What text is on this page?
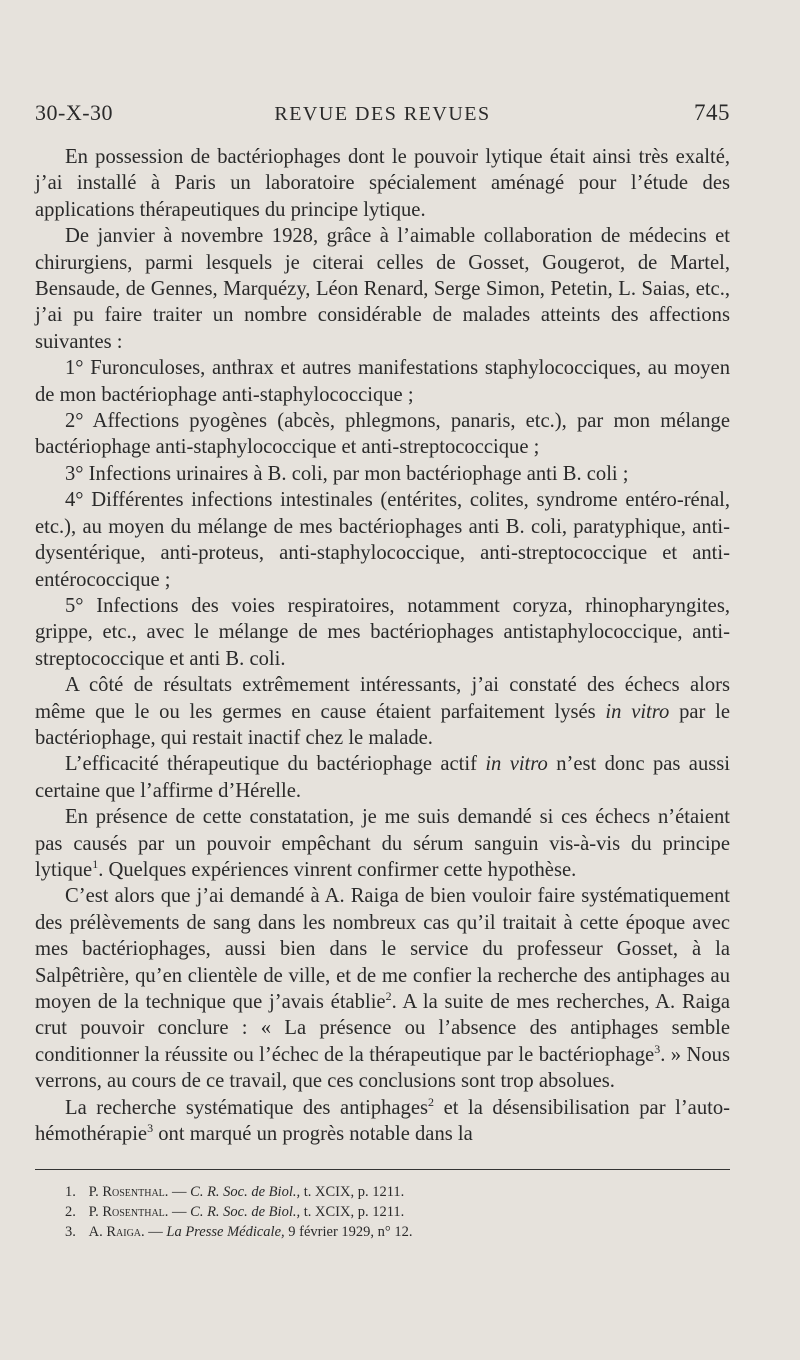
30-X-30	REVUE DES REVUES	745

En possession de bactériophages dont le pouvoir lytique était ainsi très exalté, j’ai installé à Paris un laboratoire spécialement aménagé pour l’étude des applications thérapeutiques du principe lytique.

De janvier à novembre 1928, grâce à l’aimable collaboration de médecins et chirurgiens, parmi lesquels je citerai celles de Gosset, Gougerot, de Martel, Bensaude, de Gennes, Marquézy, Léon Renard, Serge Simon, Petetin, L. Saias, etc., j’ai pu faire traiter un nombre considérable de malades atteints des affections suivantes :

1° Furonculoses, anthrax et autres manifestations staphylococciques, au moyen de mon bactériophage anti-staphylococcique ;

2° Affections pyogènes (abcès, phlegmons, panaris, etc.), par mon mélange bactériophage anti-staphylococcique et anti-streptococcique ;

3° Infections urinaires à B. coli, par mon bactériophage anti B. coli ;

4° Différentes infections intestinales (entérites, colites, syndrome entéro-rénal, etc.), au moyen du mélange de mes bactériophages anti B. coli, paratyphique, anti-dysentérique, anti-proteus, anti-staphylococcique, anti-streptococcique et anti-entérococcique ;

5° Infections des voies respiratoires, notamment coryza, rhinopharyngites, grippe, etc., avec le mélange de mes bactériophages antistaphylococcique, anti-streptococcique et anti B. coli.

A côté de résultats extrêmement intéressants, j’ai constaté des échecs alors même que le ou les germes en cause étaient parfaitement lysés in vitro par le bactériophage, qui restait inactif chez le malade.

L’efficacité thérapeutique du bactériophage actif in vitro n’est donc pas aussi certaine que l’affirme d’Hérelle.

En présence de cette constatation, je me suis demandé si ces échecs n’étaient pas causés par un pouvoir empêchant du sérum sanguin vis-à-vis du principe lytique$^1$. Quelques expériences vinrent confirmer cette hypothèse.

C’est alors que j’ai demandé à A. Raiga de bien vouloir faire systématiquement des prélèvements de sang dans les nombreux cas qu’il traitait à cette époque avec mes bactériophages, aussi bien dans le service du professeur Gosset, à la Salpêtrière, qu’en clientèle de ville, et de me confier la recherche des antiphages au moyen de la technique que j’avais établie$^2$. A la suite de mes recherches, A. Raiga crut pouvoir conclure : « La présence ou l’absence des antiphages semble conditionner la réussite ou l’échec de la thérapeutique par le bactériophage$^3$. » Nous verrons, au cours de ce travail, que ces conclusions sont trop absolues.

La recherche systématique des antiphages$^2$ et la désensibilisation par l’auto-hémothérapie$^3$ ont marqué un progrès notable dans la

1. P. Rosenthal. — C. R. Soc. de Biol., t. XCIX, p. 1211.

2. P. Rosenthal. — C. R. Soc. de Biol., t. XCIX, p. 1211.

3. A. Raiga. — La Presse Médicale, 9 février 1929, n° 12.
